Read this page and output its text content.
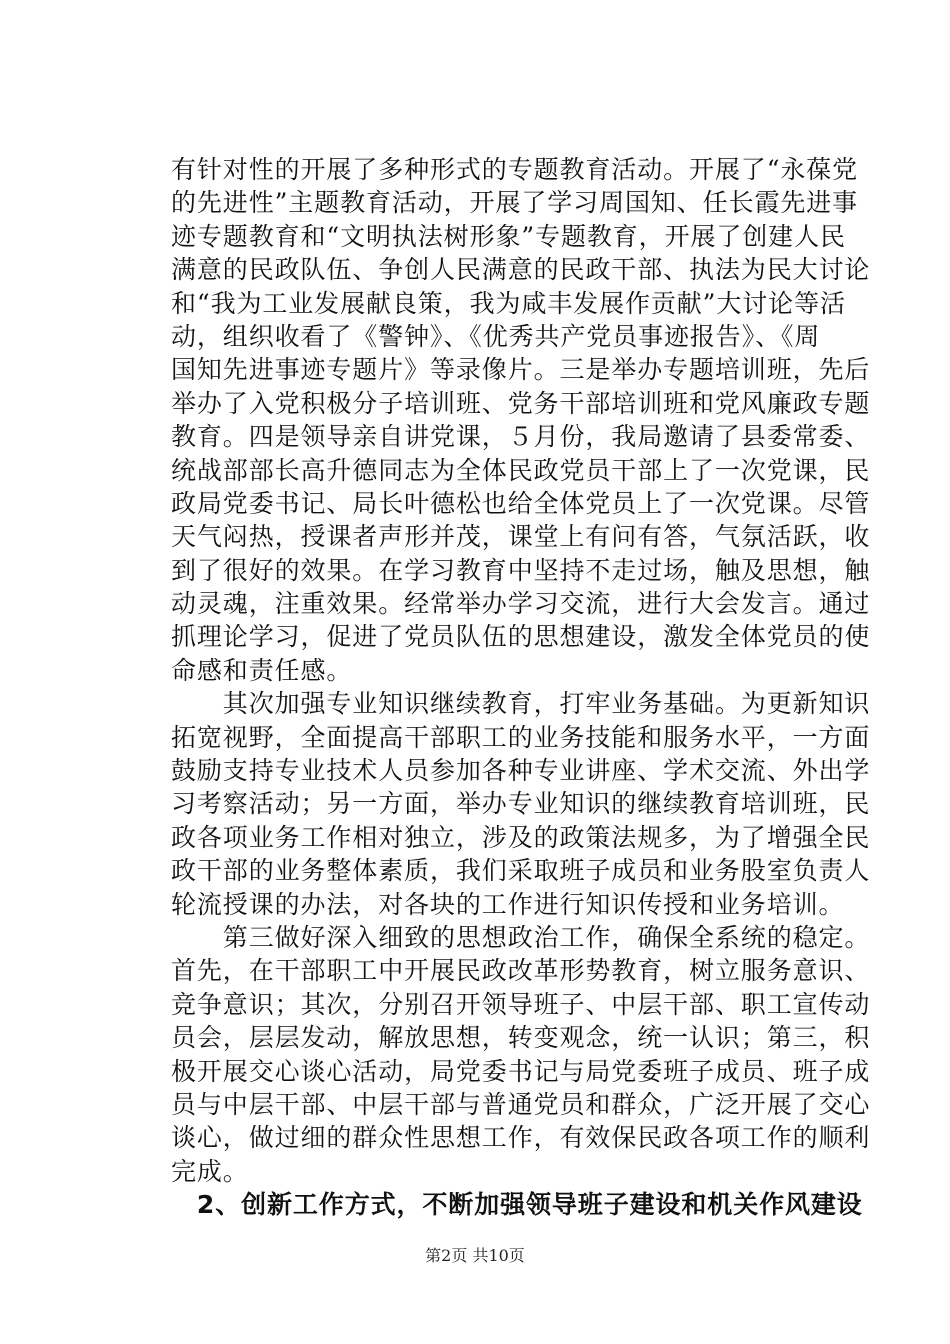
有针对性的开展了多种形式的专题教育活动。开展了“永葆党
的先进性”主题教育活动，开展了学习周国知、任长霞先进事
迹专题教育和“文明执法树形象”专题教育，开展了创建人民
满意的民政队伍、争创人民满意的民政干部、执法为民大讨论
和“我为工业发展献良策，我为咸丰发展作贡献”大讨论等活
动，组织收看了《警钟》、《优秀共产党员事迹报告》、《周
国知先进事迹专题片》等录像片。三是举办专题培训班，先后
举办了入党积极分子培训班、党务干部培训班和党风廉政专题
教育。四是领导亲自讲党课，５月份，我局邀请了县委常委、
统战部部长高升德同志为全体民政党员干部上了一次党课，民
政局党委书记、局长叶德松也给全体党员上了一次党课。尽管
天气闷热，授课者声形并茂，课堂上有问有答，气氛活跃，收
到了很好的效果。在学习教育中坚持不走过场，触及思想，触
动灵魂，注重效果。经常举办学习交流，进行大会发言。通过
抓理论学习，促进了党员队伍的思想建设，激发全体党员的使
命感和责任感。
　　其次加强专业知识继续教育，打牢业务基础。为更新知识
拓宽视野，全面提高干部职工的业务技能和服务水平，一方面
鼓励支持专业技术人员参加各种专业讲座、学术交流、外出学
习考察活动；另一方面，举办专业知识的继续教育培训班，民
政各项业务工作相对独立，涉及的政策法规多，为了增强全民
政干部的业务整体素质，我们采取班子成员和业务股室负责人
轮流授课的办法，对各块的工作进行知识传授和业务培训。
　　第三做好深入细致的思想政治工作，确保全系统的稳定。
首先，在干部职工中开展民政改革形势教育，树立服务意识、
竞争意识；其次，分别召开领导班子、中层干部、职工宣传动
员会，层层发动，解放思想，转变观念，统一认识；第三，积
极开展交心谈心活动，局党委书记与局党委班子成员、班子成
员与中层干部、中层干部与普通党员和群众，广泛开展了交心
谈心，做过细的群众性思想工作，有效保民政各项工作的顺利
完成。
　2、创新工作方式，不断加强领导班子建设和机关作风建设
第2页 共10页
